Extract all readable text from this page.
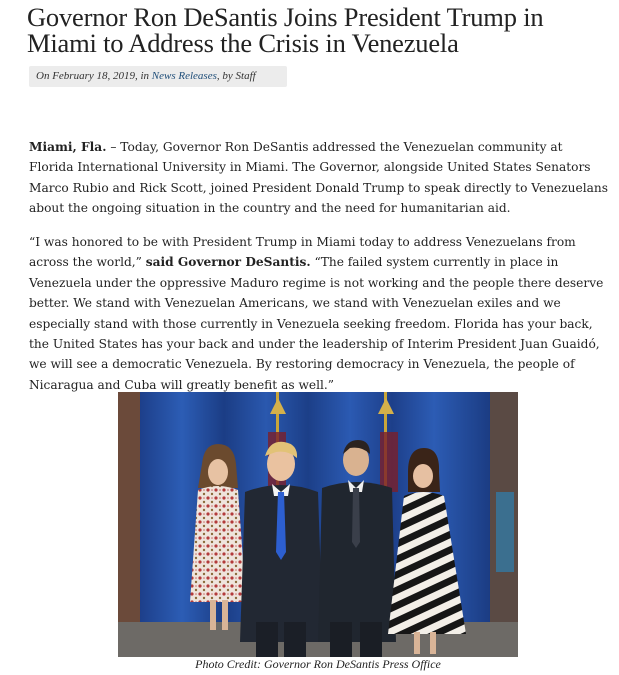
Governor Ron DeSantis Joins President Trump in
Miami to Address the Crisis in Venezuela
On February 18, 2019, in News Releases, by Staff

Miami, Fla. – Today, Governor Ron DeSantis addressed the Venezuelan community at Florida International University in Miami. The Governor, alongside United States Senators Marco Rubio and Rick Scott, joined President Donald Trump to speak directly to Venezuelans about the ongoing situation in the country and the need for humanitarian aid.

“I was honored to be with President Trump in Miami today to address Venezuelans from across the world,” said Governor DeSantis. “The failed system currently in place in Venezuela under the oppressive Maduro regime is not working and the people there deserve better. We stand with Venezuelan Americans, we stand with Venezuelan exiles and we especially stand with those currently in Venezuela seeking freedom. Florida has your back, the United States has your back and under the leadership of Interim President Juan Guaidó, we will see a democratic Venezuela. By restoring democracy in Venezuela, the people of Nicaragua and Cuba will greatly benefit as well.”

Photo Credit: Governor Ron DeSantis Press Office
